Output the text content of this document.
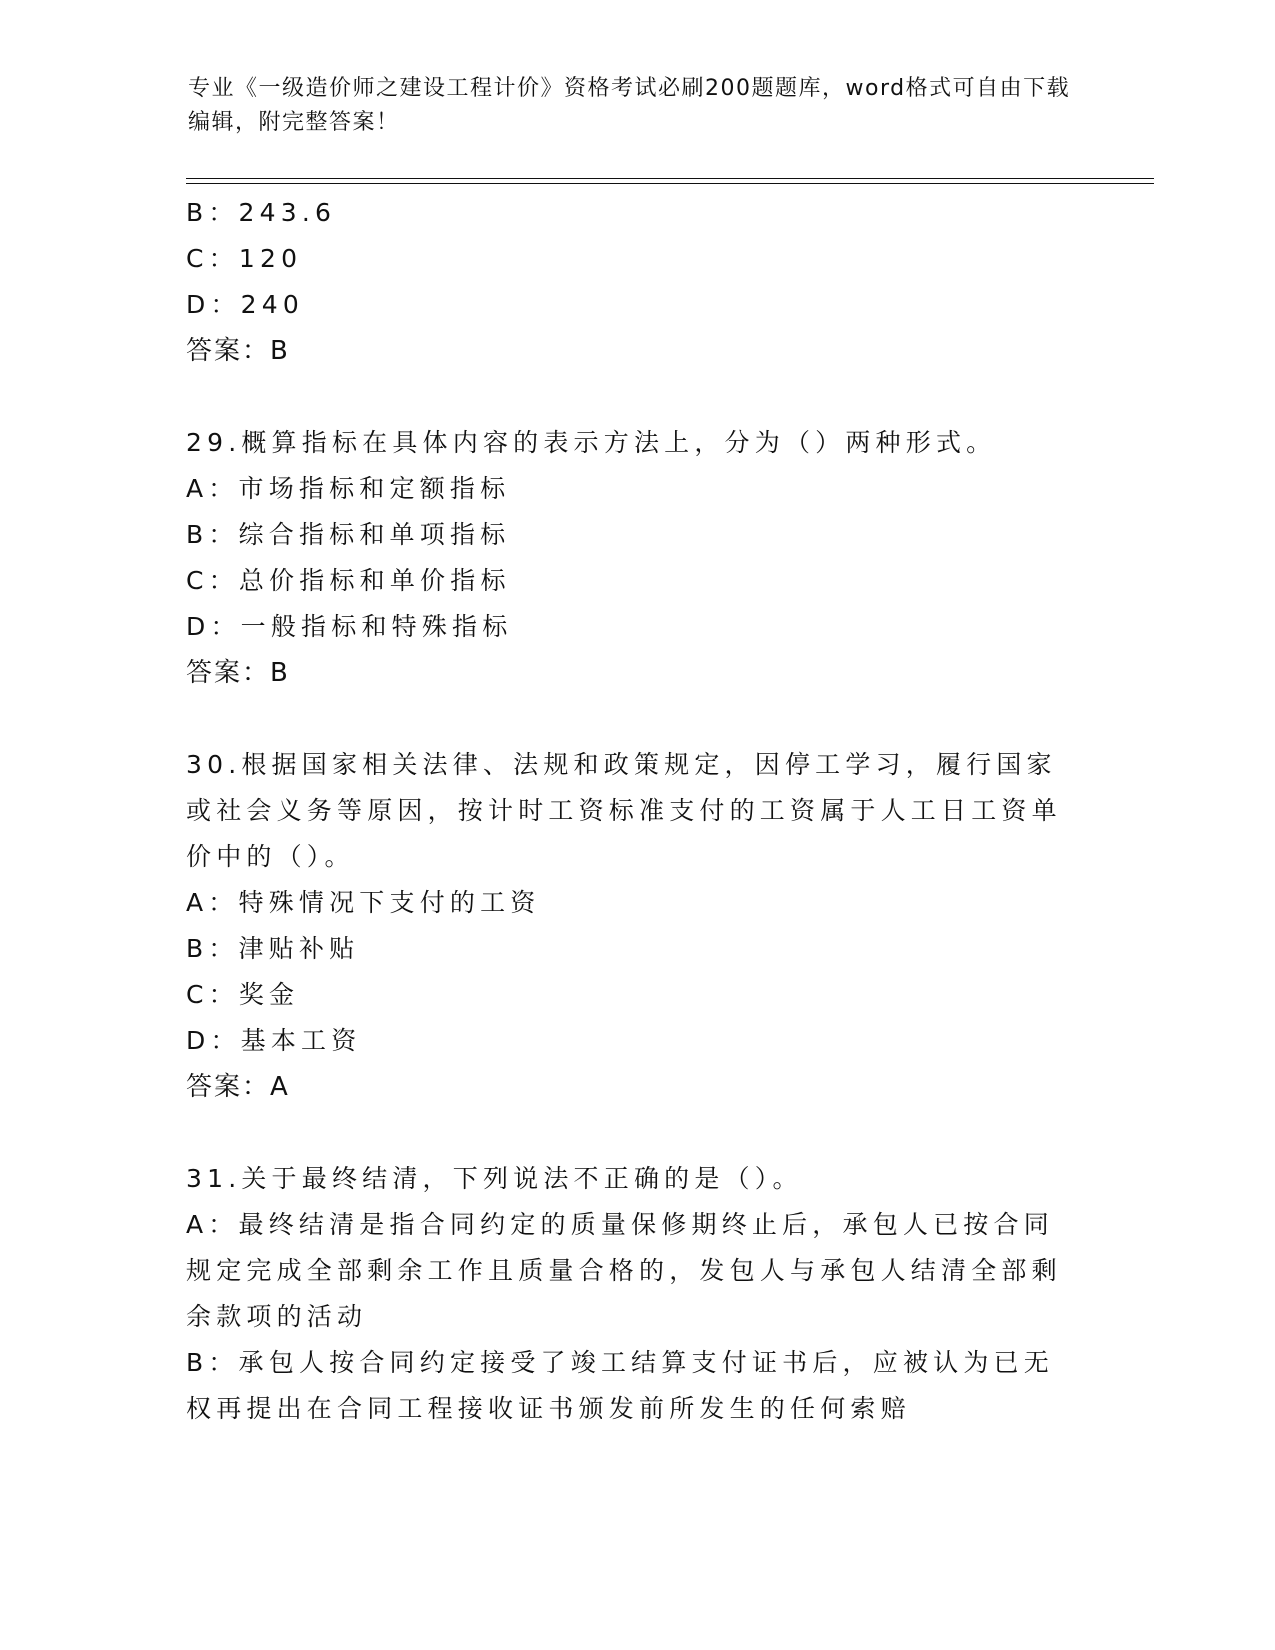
专业《一级造价师之建设工程计价》资格考试必刷200题题库，word格式可自由下载编辑，附完整答案！
B：243.6
C：120
D：240
答案：B
29.概算指标在具体内容的表示方法上，分为（）两种形式。
A：市场指标和定额指标
B：综合指标和单项指标
C：总价指标和单价指标
D：一般指标和特殊指标
答案：B
30.根据国家相关法律、法规和政策规定，因停工学习，履行国家或社会义务等原因，按计时工资标准支付的工资属于人工日工资单价中的（）。
A：特殊情况下支付的工资
B：津贴补贴
C：奖金
D：基本工资
答案：A
31.关于最终结清，下列说法不正确的是（）。
A：最终结清是指合同约定的质量保修期终止后，承包人已按合同规定完成全部剩余工作且质量合格的，发包人与承包人结清全部剩余款项的活动
B：承包人按合同约定接受了竣工结算支付证书后，应被认为已无权再提出在合同工程接收证书颁发前所发生的任何索赔
